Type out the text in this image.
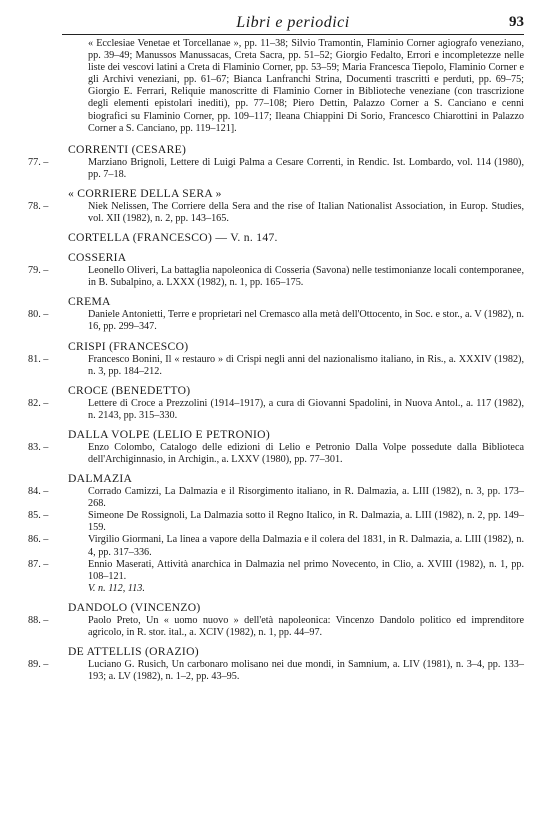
Libri e periodici	93
« Ecclesiae Venetae et Torcellanae », pp. 11–38; Silvio Tramontin, Flaminio Corner agiografo veneziano, pp. 39–49; Manussos Manussacas, Creta Sacra, pp. 51–52; Giorgio Fedalto, Errori e incompletezze nelle liste dei vescovi latini a Creta di Flaminio Corner, pp. 53–59; Maria Francesca Tiepolo, Flaminio Corner e gli Archivi veneziani, pp. 61–67; Bianca Lanfranchi Strina, Documenti trascritti e perduti, pp. 69–75; Giorgio E. Ferrari, Reliquie manoscritte di Flaminio Corner in Biblioteche veneziane (con trascrizione degli elementi epistolari inediti), pp. 77–108; Piero Dettin, Palazzo Corner a S. Canciano e cenni biografici su Flaminio Corner, pp. 109–117; Ileana Chiappini Di Sorio, Francesco Chiarottini in Palazzo Corner a S. Canciano, pp. 119–121].
CORRENTI (CESARE)
77. –	Marziano Brignoli, Lettere di Luigi Palma a Cesare Correnti, in Rendic. Ist. Lombardo, vol. 114 (1980), pp. 7–18.
« CORRIERE DELLA SERA »
78. –	Niek Nelissen, The Corriere della Sera and the rise of Italian Nationalist Association, in Europ. Studies, vol. XII (1982), n. 2, pp. 143–165.
CORTELLA (FRANCESCO) — V. n. 147.
COSSERIA
79. –	Leonello Oliveri, La battaglia napoleonica di Cosseria (Savona) nelle testimonianze locali contemporanee, in B. Subalpino, a. LXXX (1982), n. 1, pp. 165–175.
CREMA
80. –	Daniele Antonietti, Terre e proprietari nel Cremasco alla metà dell'Ottocento, in Soc. e stor., a. V (1982), n. 16, pp. 299–347.
CRISPI (FRANCESCO)
81. –	Francesco Bonini, Il « restauro » di Crispi negli anni del nazionalismo italiano, in Ris., a. XXXIV (1982), n. 3, pp. 184–212.
CROCE (BENEDETTO)
82. –	Lettere di Croce a Prezzolini (1914–1917), a cura di Giovanni Spadolini, in Nuova Antol., a. 117 (1982), n. 2143, pp. 315–330.
DALLA VOLPE (LELIO E PETRONIO)
83. –	Enzo Colombo, Catalogo delle edizioni di Lelio e Petronio Dalla Volpe possedute dalla Biblioteca dell'Archiginnasio, in Archigin., a. LXXV (1980), pp. 77–301.
DALMAZIA
84. –	Corrado Camizzi, La Dalmazia e il Risorgimento italiano, in R. Dalmazia, a. LIII (1982), n. 3, pp. 173–268.
85. –	Simeone De Rossignoli, La Dalmazia sotto il Regno Italico, in R. Dalmazia, a. LIII (1982), n. 2, pp. 149–159.
86. –	Virgilio Giormani, La linea a vapore della Dalmazia e il colera del 1831, in R. Dalmazia, a. LIII (1982), n. 4, pp. 317–336.
87. –	Ennio Maserati, Attività anarchica in Dalmazia nel primo Novecento, in Clio, a. XVIII (1982), n. 1, pp. 108–121.
V. n. 112, 113.
DANDOLO (VINCENZO)
88. –	Paolo Preto, Un « uomo nuovo » dell'età napoleonica: Vincenzo Dandolo politico ed imprenditore agricolo, in R. stor. ital., a. XCIV (1982), n. 1, pp. 44–97.
DE ATTELLIS (ORAZIO)
89. –	Luciano G. Rusich, Un carbonaro molisano nei due mondi, in Samnium, a. LIV (1981), n. 3–4, pp. 133–193; a. LV (1982), n. 1–2, pp. 43–95.
